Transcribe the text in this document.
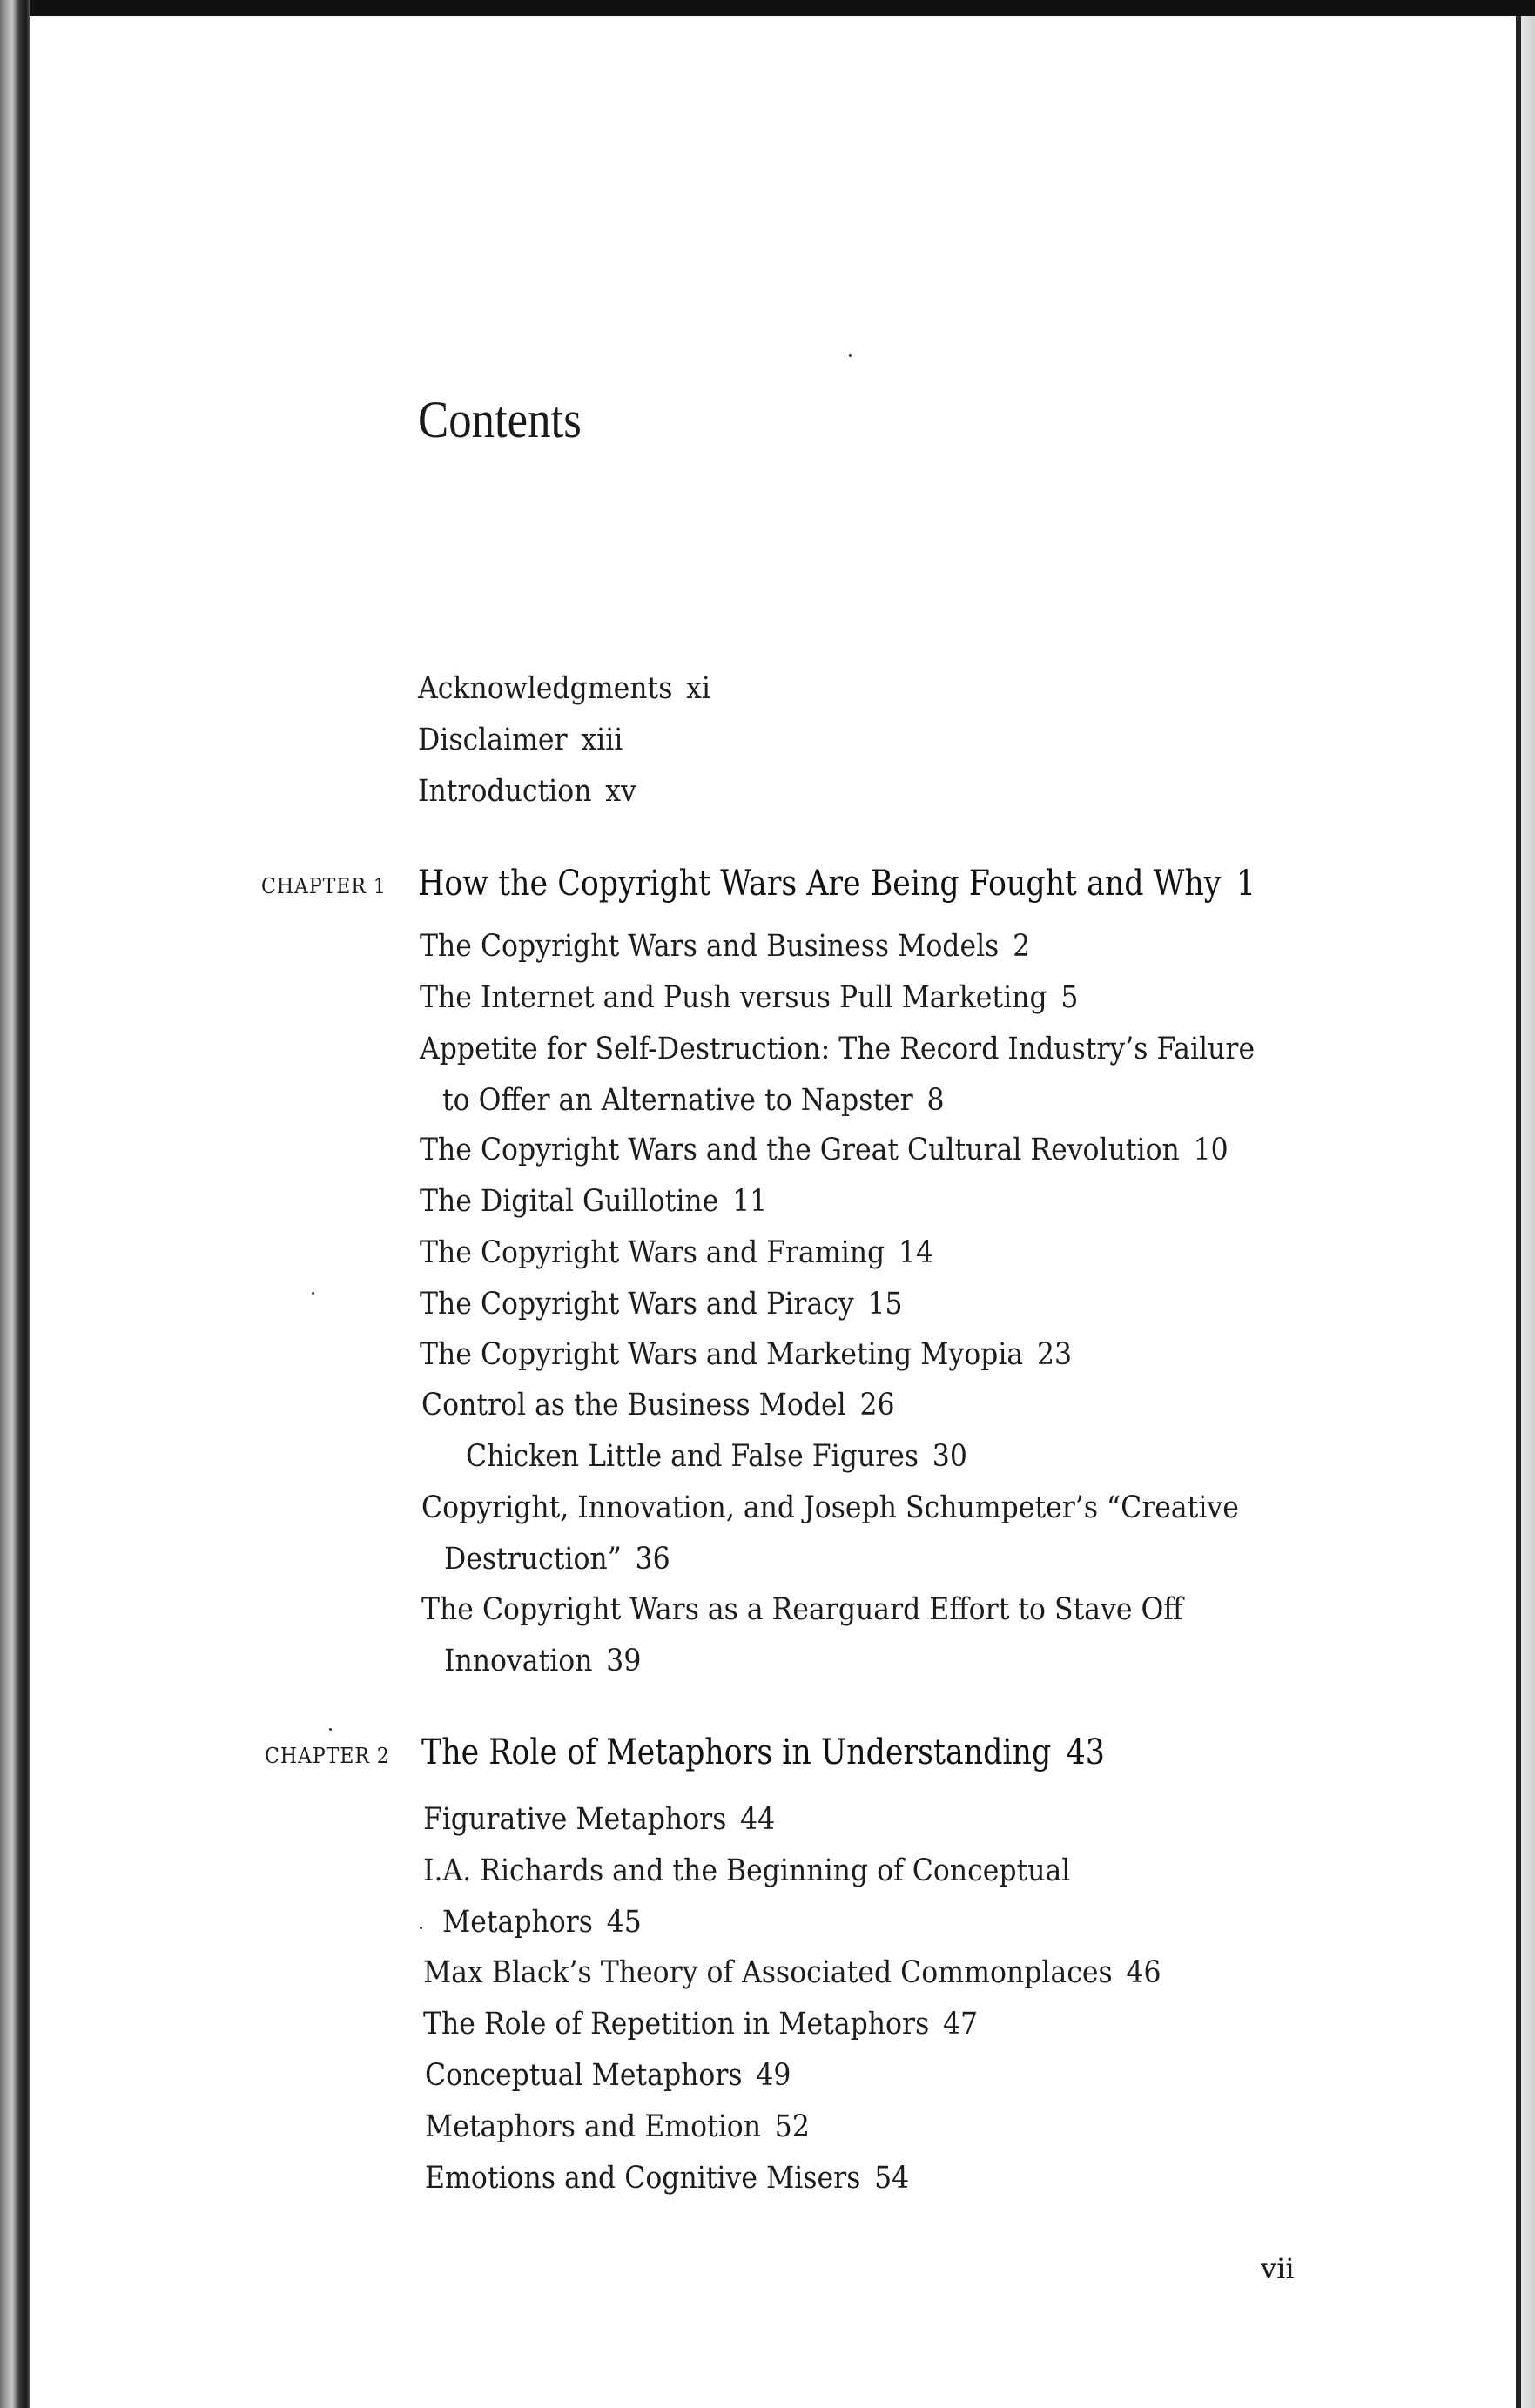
Contents
Acknowledgments xi
Disclaimer xiii
Introduction xv
CHAPTER 1 How the Copyright Wars Are Being Fought and Why 1
The Copyright Wars and Business Models 2
The Internet and Push versus Pull Marketing 5
Appetite for Self-Destruction: The Record Industry’s Failure
to Offer an Alternative to Napster 8
The Copyright Wars and the Great Cultural Revolution 10
The Digital Guillotine 11
The Copyright Wars and Framing 14
The Copyright Wars and Piracy 15
The Copyright Wars and Marketing Myopia 23
Control as the Business Model 26
Chicken Little and False Figures 30
Copyright, Innovation, and Joseph Schumpeter’s “Creative
Destruction” 36
The Copyright Wars as a Rearguard Effort to Stave Off
Innovation 39
CHAPTER 2 The Role of Metaphors in Understanding 43
Figurative Metaphors 44
I.A. Richards and the Beginning of Conceptual
Metaphors 45
Max Black’s Theory of Associated Commonplaces 46
The Role of Repetition in Metaphors 47
Conceptual Metaphors 49
Metaphors and Emotion 52
Emotions and Cognitive Misers 54
vii
